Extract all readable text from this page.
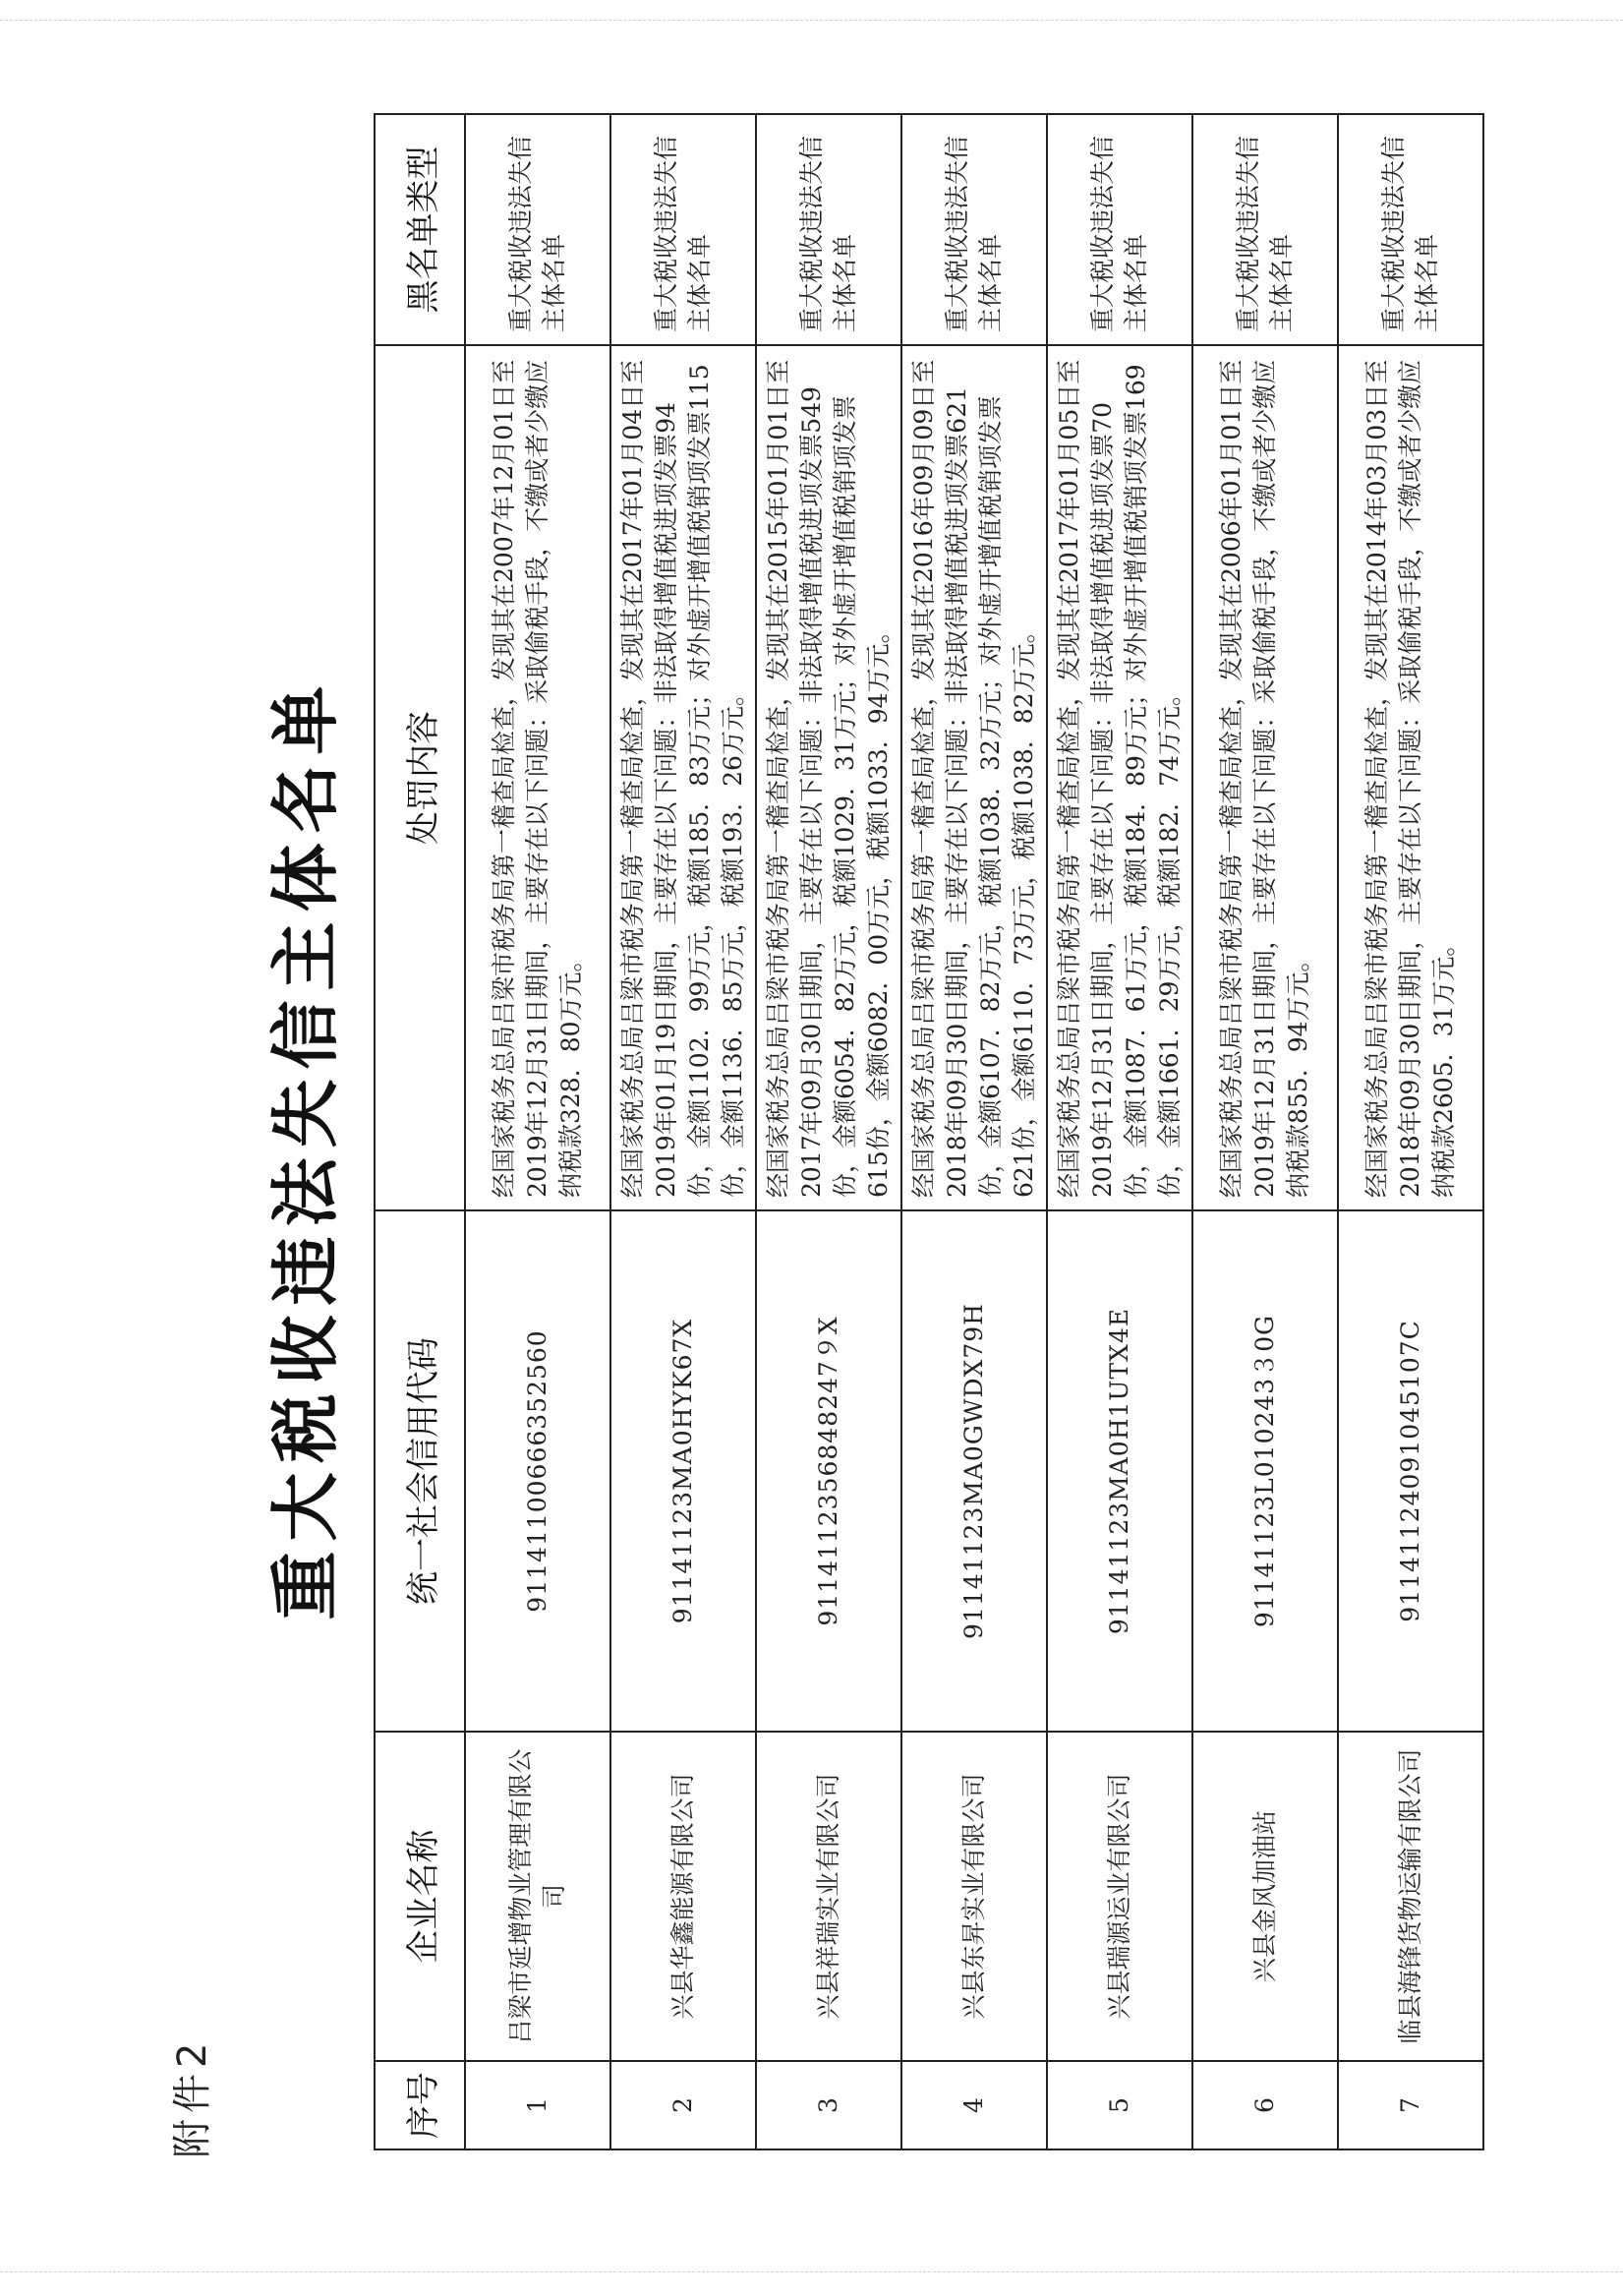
附件2
重大税收违法失信主体名单
序号	企业名称	统一社会信用代码	处罚内容	黑名单类型
1	吕梁市延增物业管理有限公司	91141100666352560	经国家税务总局吕梁市税务局第一稽查局检查，发现其在2007年12月01日至2019年12月31日期间，主要存在以下问题：采取偷税手段，不缴或者少缴应纳税款328．80万元。	重大税收违法失信主体名单
2	兴县华鑫能源有限公司	91141123MA0HYK67X	经国家税务总局吕梁市税务局第一稽查局检查，发现其在2017年01月04日至2019年01月19日期间，主要存在以下问题：非法取得增值税进项发票94份，金额1102．99万元，税额185．83万元；对外虚开增值税销项发票115份，金额1136．85万元，税额193．26万元。	重大税收违法失信主体名单
3	兴县祥瑞实业有限公司	9114112356848247９X	经国家税务总局吕梁市税务局第一稽查局检查，发现其在2015年01月01日至2017年09月30日期间，主要存在以下问题：非法取得增值税进项发票549份，金额6054．82万元，税额1029．31万元；对外虚开增值税销项发票615份，金额6082．00万元，税额1033．94万元。	重大税收违法失信主体名单
4	兴县东昇实业有限公司	91141123MA0GWDX79H	经国家税务总局吕梁市税务局第一稽查局检查，发现其在2016年09月09日至2018年09月30日期间，主要存在以下问题：非法取得增值税进项发票621份，金额6107．82万元，税额1038．32万元；对外虚开增值税销项发票621份，金额6110．73万元，税额1038．82万元。	重大税收违法失信主体名单
5	兴县瑞源运业有限公司	91141123MA0H1UTX4E	经国家税务总局吕梁市税务局第一稽查局检查，发现其在2017年01月05日至2019年12月31日期间，主要存在以下问题：非法取得增值税进项发票70份，金额1087．61万元，税额184．89万元；对外虚开增值税销项发票169份，金额1661．29万元，税额182．74万元。	重大税收违法失信主体名单
6	兴县金风加油站	91141123L010243３0G	经国家税务总局吕梁市税务局第一稽查局检查，发现其在2006年01月01日至2019年12月31日期间，主要存在以下问题：采取偷税手段，不缴或者少缴应纳税款855．94万元。	重大税收违法失信主体名单
7	临县海锋货物运输有限公司	91141124091045107C	经国家税务总局吕梁市税务局第一稽查局检查，发现其在2014年03月03日至2018年09月30日期间，主要存在以下问题：采取偷税手段，不缴或者少缴应纳税款2605．31万元。	重大税收违法失信主体名单
